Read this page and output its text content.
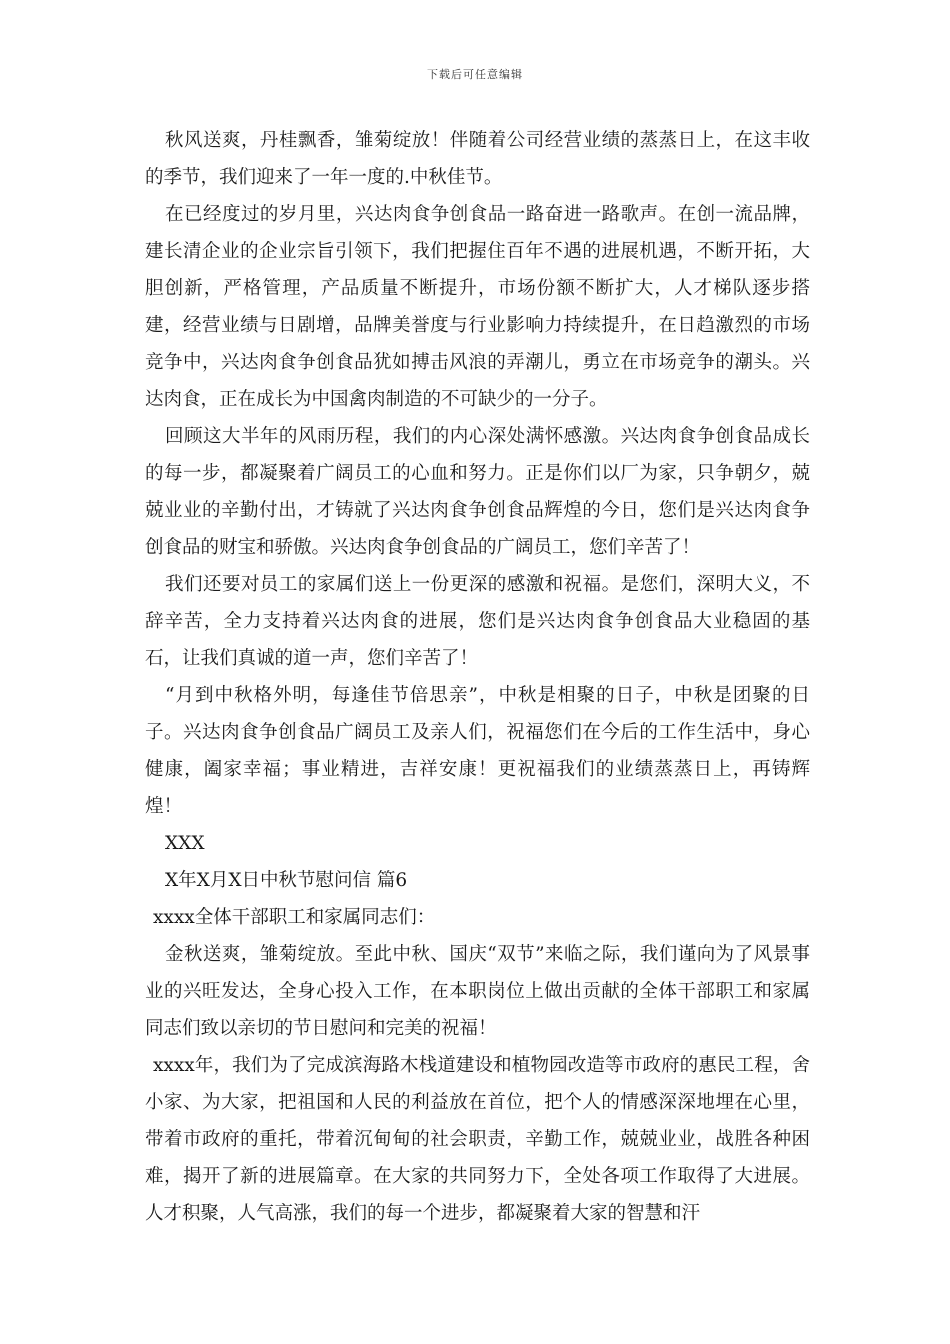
下载后可任意编辑

秋风送爽，丹桂飘香，雏菊绽放！伴随着公司经营业绩的蒸蒸日上，在这丰收的季节，我们迎来了一年一度的.中秋佳节。

在已经度过的岁月里，兴达肉食争创食品一路奋进一路歌声。在创一流品牌，建长清企业的企业宗旨引领下，我们把握住百年不遇的进展机遇，不断开拓，大胆创新，严格管理，产品质量不断提升，市场份额不断扩大，人才梯队逐步搭建，经营业绩与日剧增，品牌美誉度与行业影响力持续提升，在日趋激烈的市场竞争中，兴达肉食争创食品犹如搏击风浪的弄潮儿，勇立在市场竞争的潮头。兴达肉食，正在成长为中国禽肉制造的不可缺少的一分子。

回顾这大半年的风雨历程，我们的内心深处满怀感激。兴达肉食争创食品成长的每一步，都凝聚着广阔员工的心血和努力。正是你们以厂为家，只争朝夕，兢兢业业的辛勤付出，才铸就了兴达肉食争创食品辉煌的今日，您们是兴达肉食争创食品的财宝和骄傲。兴达肉食争创食品的广阔员工，您们辛苦了！

我们还要对员工的家属们送上一份更深的感激和祝福。是您们，深明大义，不辞辛苦，全力支持着兴达肉食的进展，您们是兴达肉食争创食品大业稳固的基石，让我们真诚的道一声，您们辛苦了！

“月到中秋格外明，每逢佳节倍思亲”，中秋是相聚的日子，中秋是团聚的日子。兴达肉食争创食品广阔员工及亲人们，祝福您们在今后的工作生活中，身心健康，阖家幸福；事业精进，吉祥安康！更祝福我们的业绩蒸蒸日上，再铸辉煌！

XXX

X年X月X日中秋节慰问信 篇6

xxxx全体干部职工和家属同志们：

金秋送爽，雏菊绽放。至此中秋、国庆“双节”来临之际，我们谨向为了风景事业的兴旺发达，全身心投入工作，在本职岗位上做出贡献的全体干部职工和家属同志们致以亲切的节日慰问和完美的祝福！

xxxx年，我们为了完成滨海路木栈道建设和植物园改造等市政府的惠民工程，舍小家、为大家，把祖国和人民的利益放在首位，把个人的情感深深地埋在心里，带着市政府的重托，带着沉甸甸的社会职责，辛勤工作，兢兢业业，战胜各种困难，揭开了新的进展篇章。在大家的共同努力下，全处各项工作取得了大进展。人才积聚，人气高涨，我们的每一个进步，都凝聚着大家的智慧和汗
